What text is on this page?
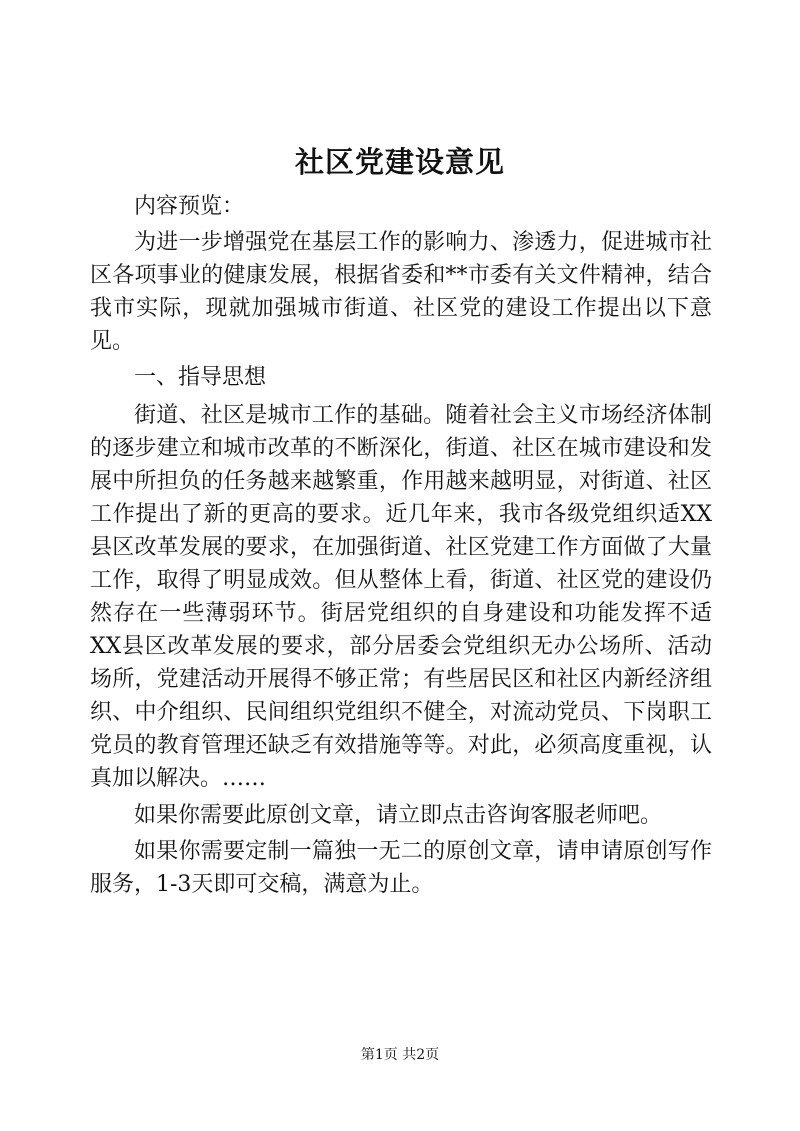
社区党建设意见

内容预览：

为进一步增强党在基层工作的影响力、渗透力，促进城市社区各项事业的健康发展，根据省委和**市委有关文件精神，结合我市实际，现就加强城市街道、社区党的建设工作提出以下意见。

一、指导思想

街道、社区是城市工作的基础。随着社会主义市场经济体制的逐步建立和城市改革的不断深化，街道、社区在城市建设和发展中所担负的任务越来越繁重，作用越来越明显，对街道、社区工作提出了新的更高的要求。近几年来，我市各级党组织适XX县区改革发展的要求，在加强街道、社区党建工作方面做了大量工作，取得了明显成效。但从整体上看，街道、社区党的建设仍然存在一些薄弱环节。街居党组织的自身建设和功能发挥不适XX县区改革发展的要求，部分居委会党组织无办公场所、活动场所，党建活动开展得不够正常；有些居民区和社区内新经济组织、中介组织、民间组织党组织不健全，对流动党员、下岗职工党员的教育管理还缺乏有效措施等等。对此，必须高度重视，认真加以解决。……

如果你需要此原创文章，请立即点击咨询客服老师吧。

如果你需要定制一篇独一无二的原创文章，请申请原创写作服务，1-3天即可交稿，满意为止。

第1页 共2页
